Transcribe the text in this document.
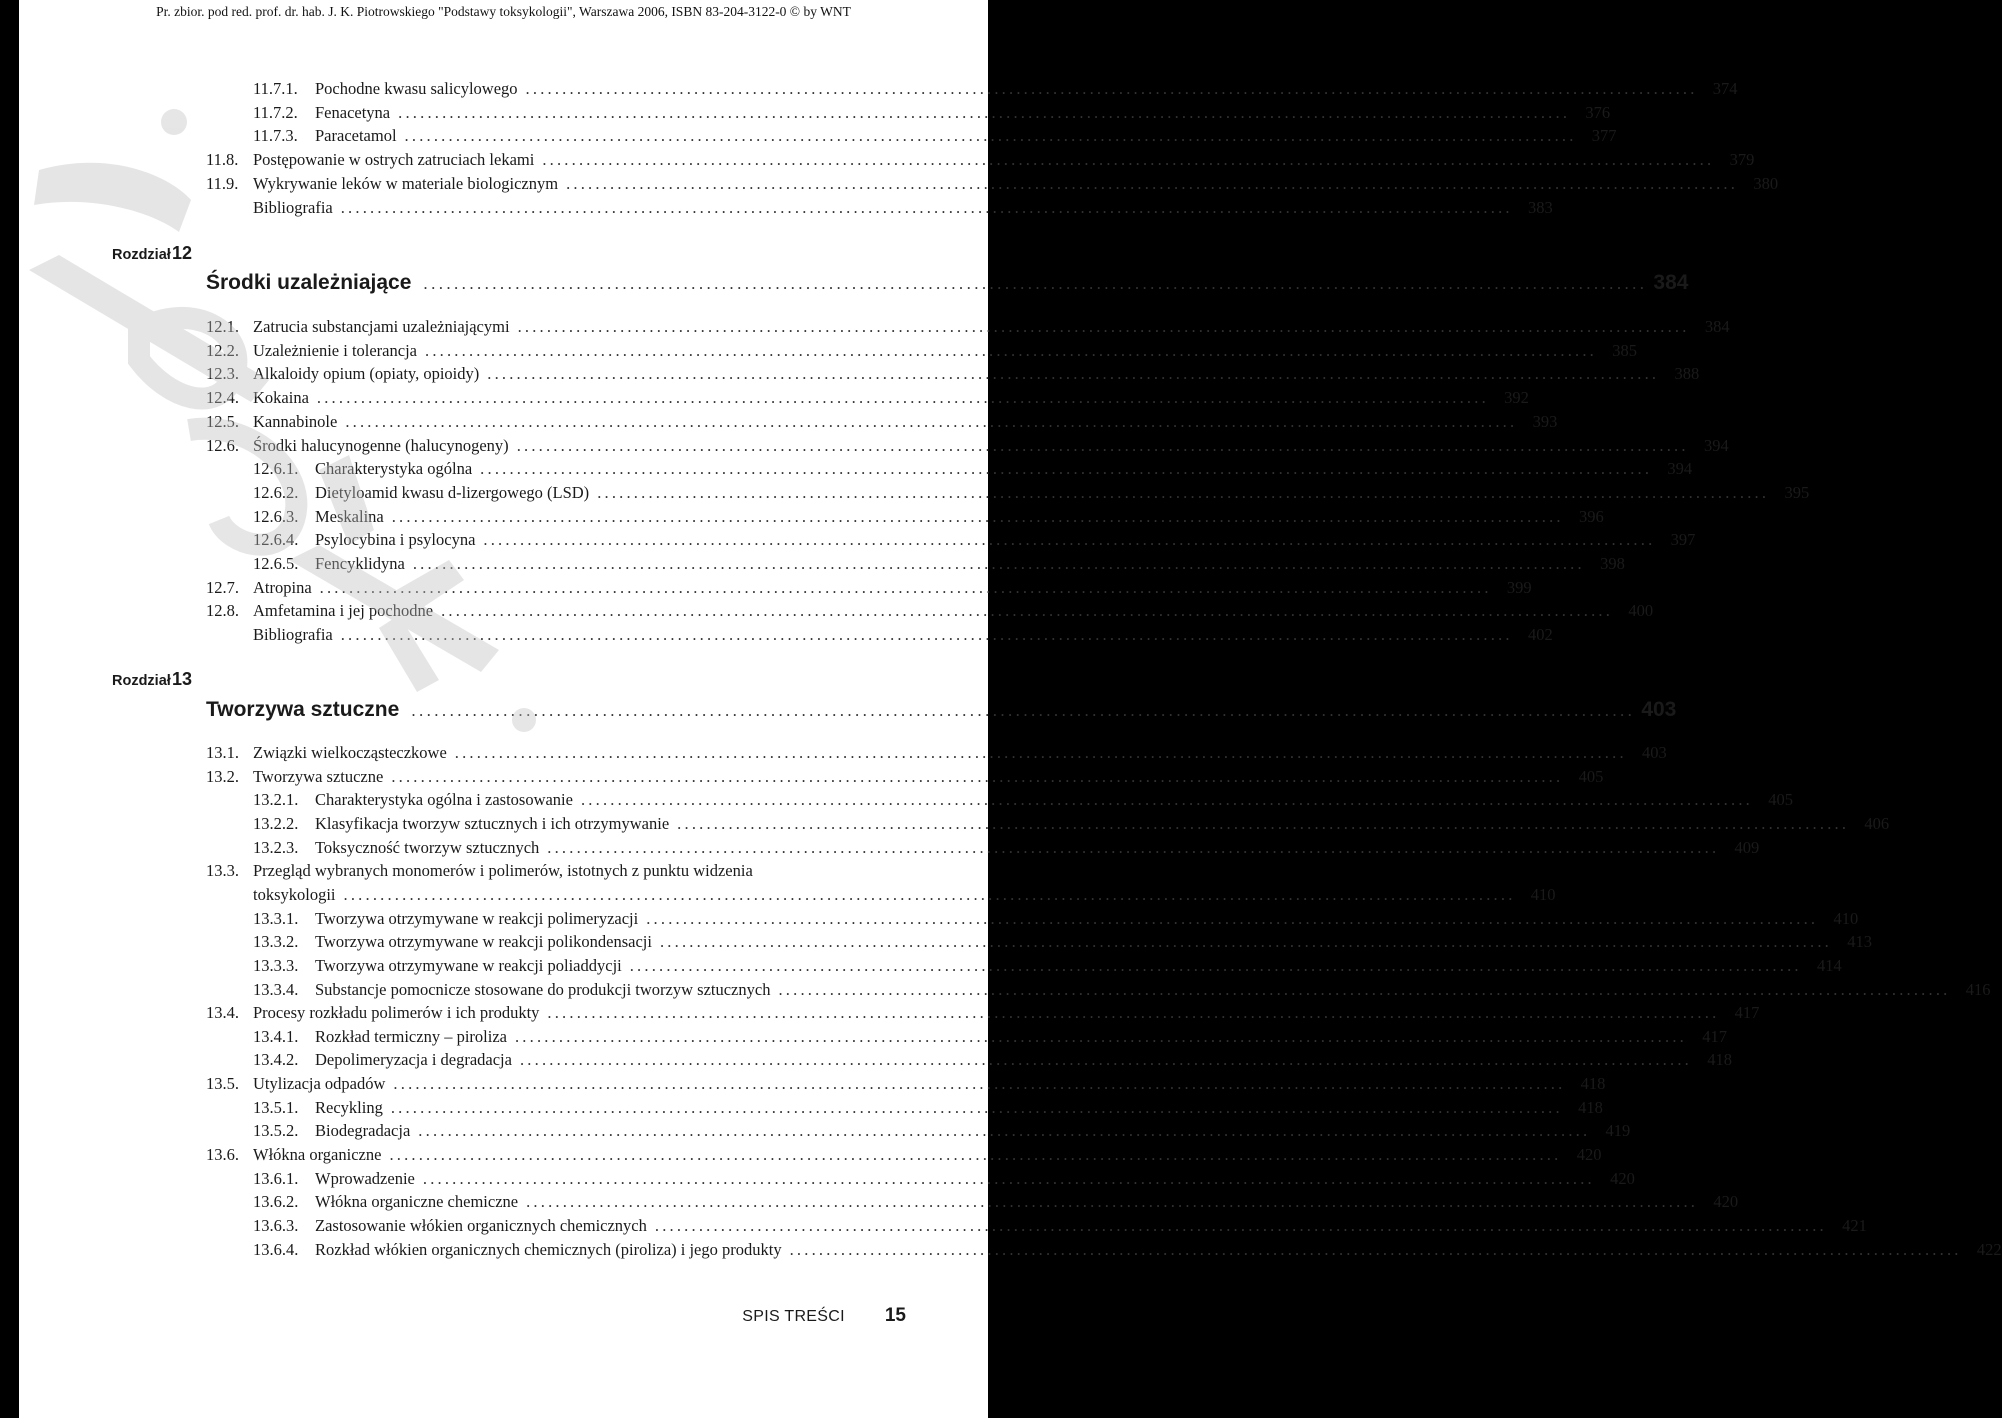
Pr. zbior. pod red. prof. dr. hab. J. K. Piotrowskiego "Podstawy toksykologii", Warszawa 2006, ISBN 83-204-3122-0 © by WNT
11.7.1.	Pochodne kwasu salicylowego ................................................................................................................................................................ 374
11.7.2.	Fenacetyna ................................................................................................................................................................ 376
11.7.3.	Paracetamol ................................................................................................................................................................ 377
11.8. Postępowanie w ostrych zatruciach lekami ................................................................................................................................................................ 379
11.9. Wykrywanie leków w materiale biologicznym ................................................................................................................................................................ 380
Bibliografia ................................................................................................................................................................ 383
Rozdział 12
Środki uzależniające ................................................................................................................................................................ 384
12.1. Zatrucia substancjami uzależniającymi ................................................................................................................................................................ 384
12.2. Uzależnienie i tolerancja ................................................................................................................................................................ 385
12.3. Alkaloidy opium (opiaty, opioidy) ................................................................................................................................................................ 388
12.4. Kokaina ................................................................................................................................................................ 392
12.5. Kannabinole ................................................................................................................................................................ 393
12.6. Środki halucynogenne (halucynogeny) ................................................................................................................................................................ 394
12.6.1.	Charakterystyka ogólna ................................................................................................................................................................ 394
12.6.2.	Dietyloamid kwasu d-lizergowego (LSD) ................................................................................................................................................................ 395
12.6.3.	Meskalina ................................................................................................................................................................ 396
12.6.4.	Psylocybina i psylocyna ................................................................................................................................................................ 397
12.6.5.	Fencyklidyna ................................................................................................................................................................ 398
12.7. Atropina ................................................................................................................................................................ 399
12.8. Amfetamina i jej pochodne ................................................................................................................................................................ 400
Bibliografia ................................................................................................................................................................ 402
Rozdział 13
Tworzywa sztuczne ................................................................................................................................................................ 403
13.1. Związki wielkocząsteczkowe ................................................................................................................................................................ 403
13.2. Tworzywa sztuczne ................................................................................................................................................................ 405
13.2.1.	Charakterystyka ogólna i zastosowanie ................................................................................................................................................................ 405
13.2.2.	Klasyfikacja tworzyw sztucznych i ich otrzymywanie ................................................................................................................................................................ 406
13.2.3.	Toksyczność tworzyw sztucznych ................................................................................................................................................................ 409
13.3. Przegląd wybranych monomerów i polimerów, istotnych z punktu widzenia
toksykologii ................................................................................................................................................................ 410
13.3.1.	Tworzywa otrzymywane w reakcji polimeryzacji ................................................................................................................................................................ 410
13.3.2.	Tworzywa otrzymywane w reakcji polikondensacji ................................................................................................................................................................ 413
13.3.3.	Tworzywa otrzymywane w reakcji poliaddycji ................................................................................................................................................................ 414
13.3.4.	Substancje pomocnicze stosowane do produkcji tworzyw sztucznych ................................................................................................................................................................ 416
13.4. Procesy rozkładu polimerów i ich produkty ................................................................................................................................................................ 417
13.4.1.	Rozkład termiczny – piroliza ................................................................................................................................................................ 417
13.4.2.	Depolimeryzacja i degradacja ................................................................................................................................................................ 418
13.5. Utylizacja odpadów ................................................................................................................................................................ 418
13.5.1.	Recykling ................................................................................................................................................................ 418
13.5.2.	Biodegradacja ................................................................................................................................................................ 419
13.6. Włókna organiczne ................................................................................................................................................................ 420
13.6.1.	Wprowadzenie ................................................................................................................................................................ 420
13.6.2.	Włókna organiczne chemiczne ................................................................................................................................................................ 420
13.6.3.	Zastosowanie włókien organicznych chemicznych ................................................................................................................................................................ 421
13.6.4.	Rozkład włókien organicznych chemicznych (piroliza) i jego produkty ................................................................................................................................................................ 422
SPIS TREŚCI 15
